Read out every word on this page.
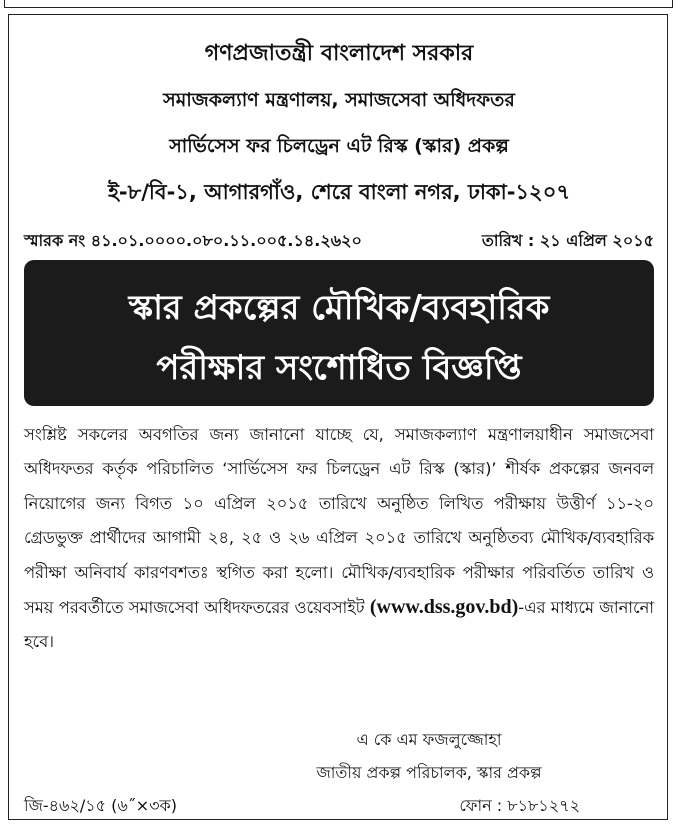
গণপ্রজাতন্ত্রী বাংলাদেশ সরকার
সমাজকল্যাণ মন্ত্রণালয়, সমাজসেবা অধিদফতর
সার্ভিসেস ফর চিলড্রেন এট রিস্ক (স্কার) প্রকল্প
ই-৮/বি-১, আগারগাঁও, শেরে বাংলা নগর, ঢাকা-১২০৭
স্মারক নং ৪১.০১.০০০০.০৮০.১১.০০৫.১৪.২৬২০	তারিখ : ২১ এপ্রিল ২০১৫
স্কার প্রকল্পের মৌখিক/ব্যবহারিক
পরীক্ষার সংশোধিত বিজ্ঞপ্তি

সংশ্লিষ্ট সকলের অবগতির জন্য জানানো যাচ্ছে যে, সমাজকল্যাণ মন্ত্রণালয়াধীন সমাজসেবা অধিদফতর কর্তৃক পরিচালিত ‘সার্ভিসেস ফর চিলড্রেন এট রিস্ক (স্কার)’ শীর্ষক প্রকল্পের জনবল নিয়োগের জন্য বিগত ১০ এপ্রিল ২০১৫ তারিখে অনুষ্ঠিত লিখিত পরীক্ষায় উত্তীর্ণ ১১-২০ গ্রেডভুক্ত প্রার্থীদের আগামী ২৪, ২৫ ও ২৬ এপ্রিল ২০১৫ তারিখে অনুষ্ঠিতব্য মৌখিক/ব্যবহারিক পরীক্ষা অনিবার্য কারণবশতঃ স্থগিত করা হলো। মৌখিক/ব্যবহারিক পরীক্ষার পরিবর্তিত তারিখ ও সময় পরবর্তীতে সমাজসেবা অধিদফতরের ওয়েবসাইট (www.dss.gov.bd)-এর মাধ্যমে জানানো হবে।

এ কে এম ফজলুজ্জোহা
জাতীয় প্রকল্প পরিচালক, স্কার প্রকল্প
জি-৪৬২/১৫ (৬˝×৩ক)	ফোন : ৮১৮১২৭২
